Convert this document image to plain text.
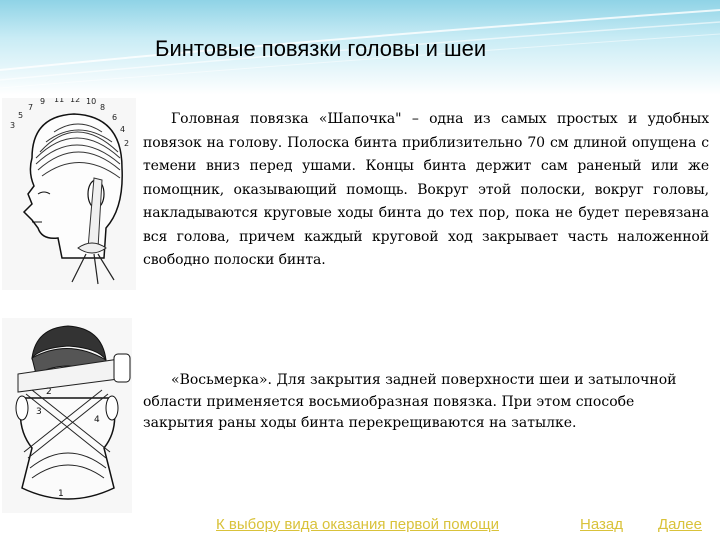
Бинтовые повязки головы и шеи
3
5
7
9 11 12 10
8
6
4
2
Головная повязка «Шапочка" – одна из самых простых и удобных повязок на голову. Полоска бинта приблизительно 70 см длиной опущена с темени вниз перед ушами. Концы бинта держит сам раненый или же помощник, оказывающий помощь. Вокруг этой полоски, вокруг головы, накладываются круговые ходы бинта до тех пор, пока не будет перевязана вся голова, причем каждый круговой ход закрывает часть наложенной свободно полоски бинта.
2
3
4
1
«Восьмерка». Для закрытия задней поверхности шеи и затылочной области применяется восьмиобразная повязка. При этом способе закрытия раны ходы бинта перекрещиваются на затылке.
К выбору вида оказания первой помощи	Назад Далее
